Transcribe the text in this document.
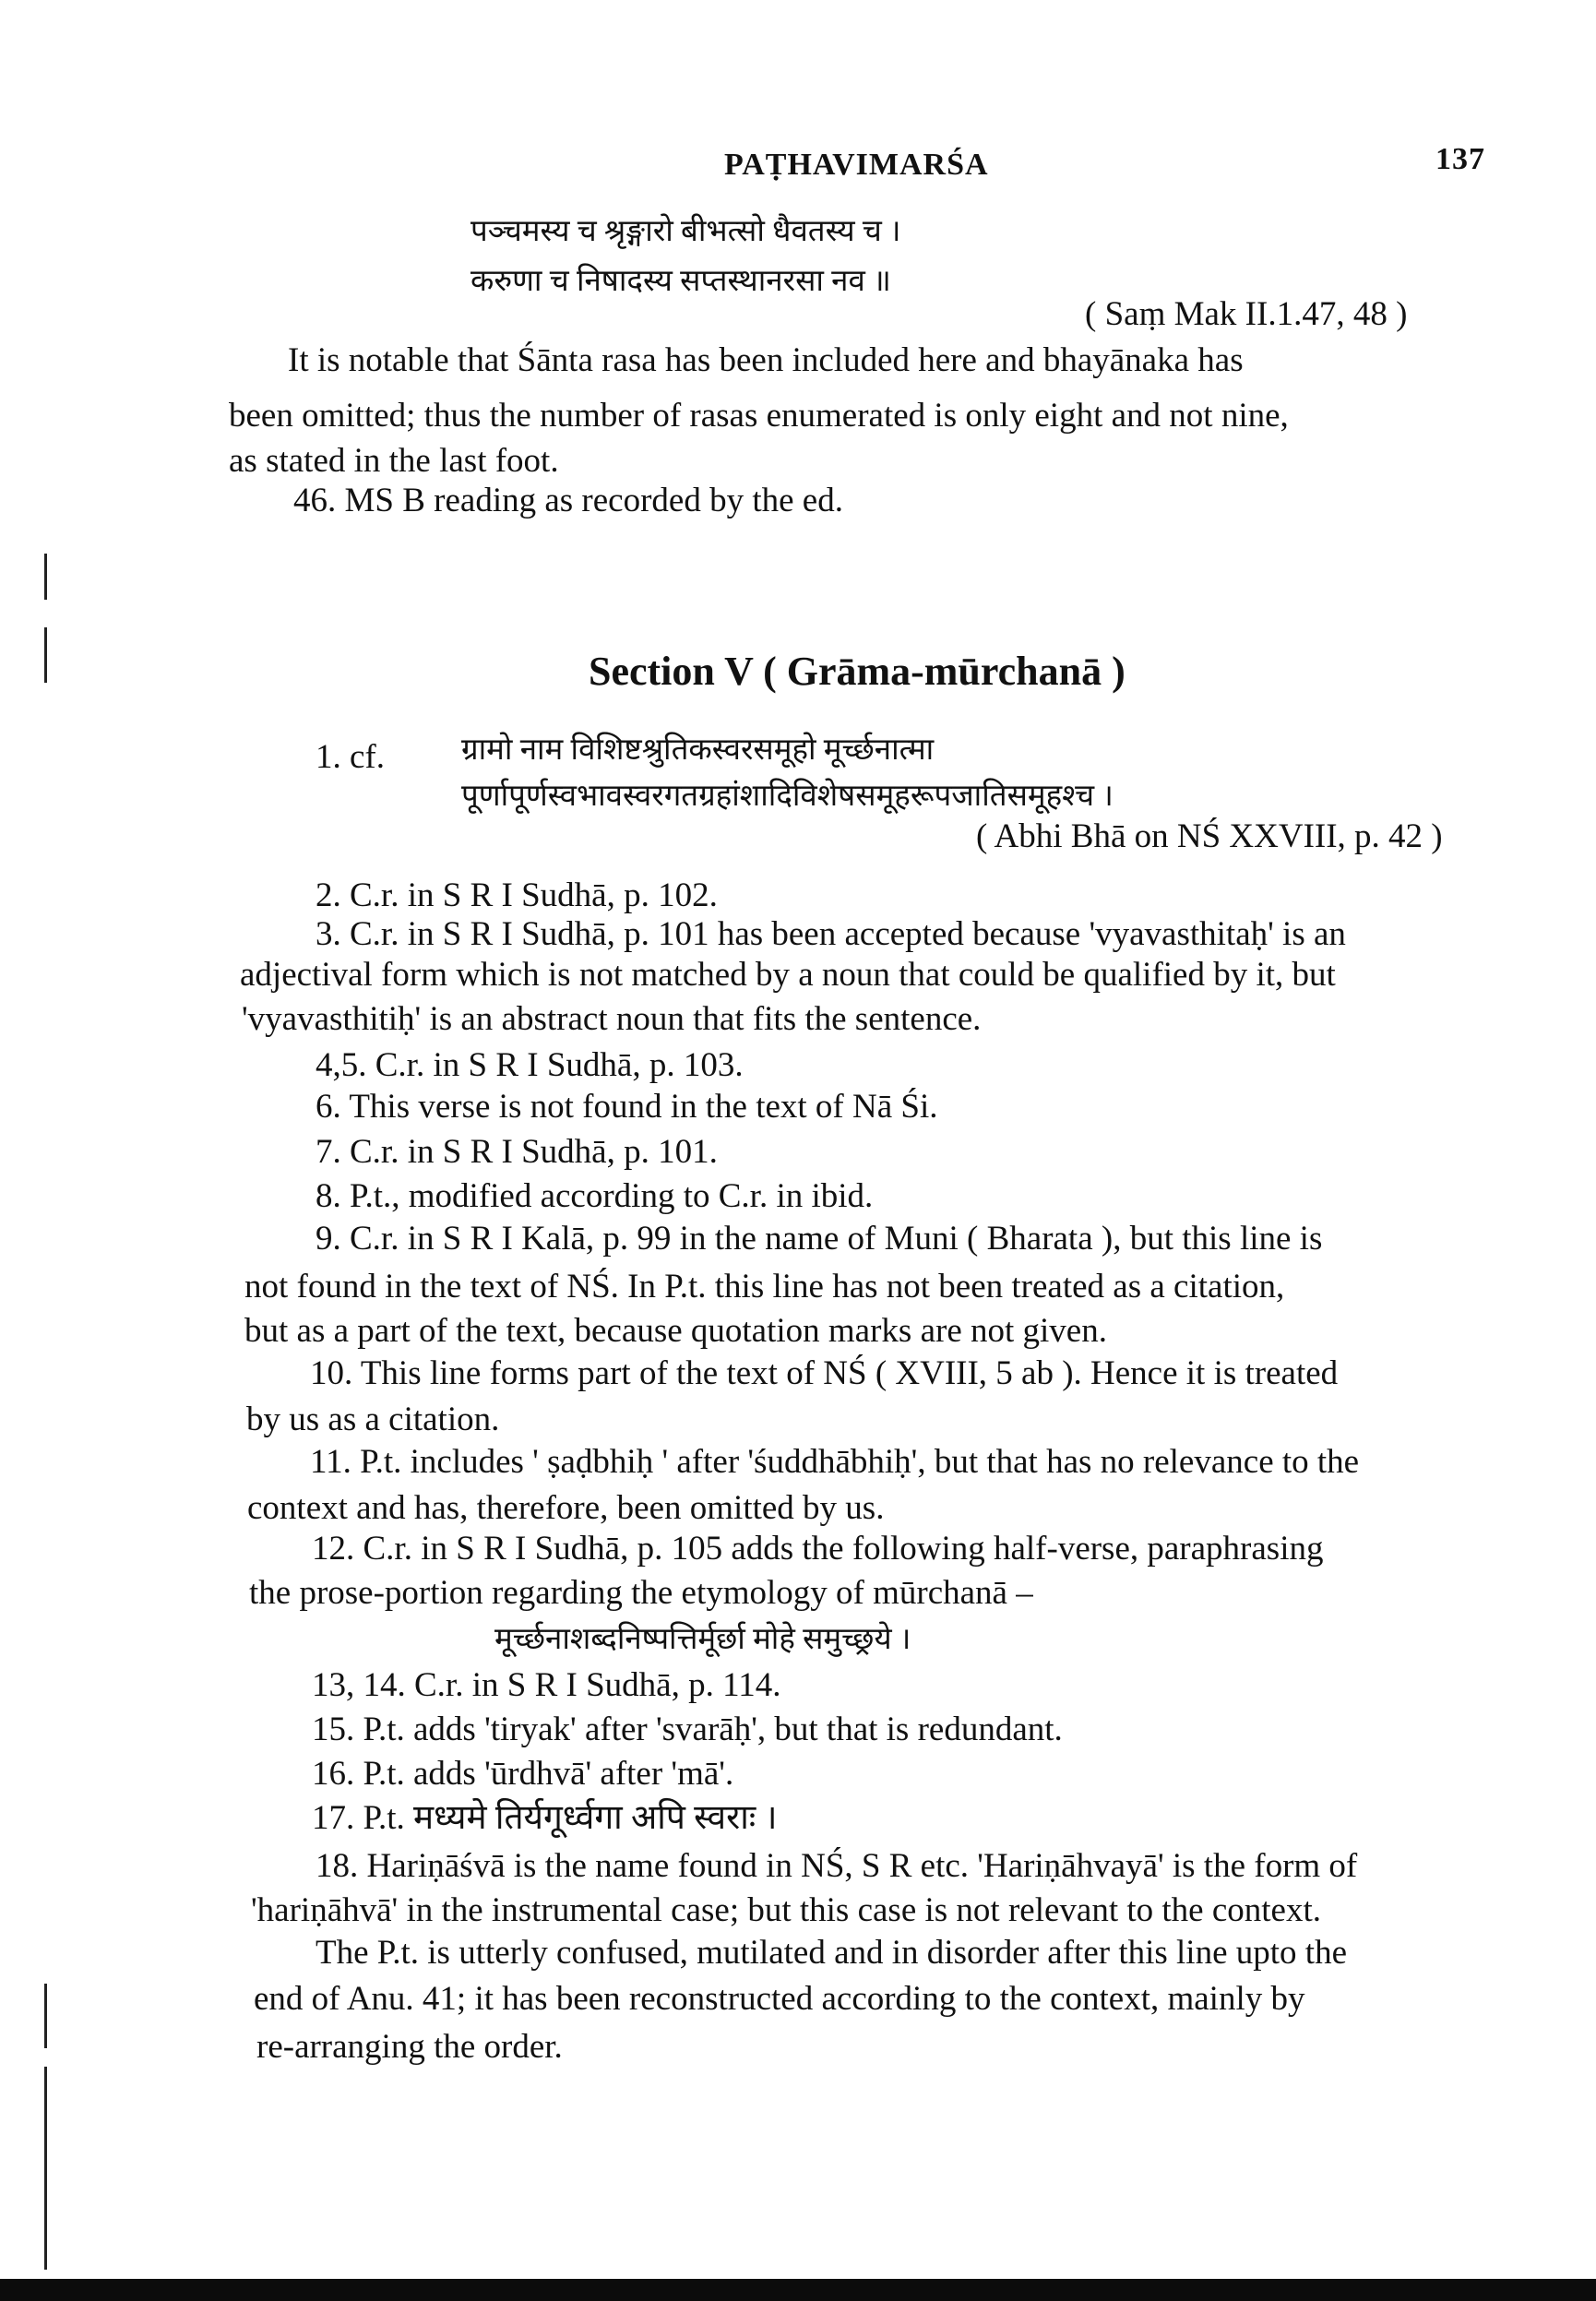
PAṬHAVIMARŚA	137
पञ्चमस्य च श्रृङ्गारो बीभत्सो धैवतस्य च ।
करुणा च निषादस्य सप्तस्थानरसा नव ॥
( Saṃ Mak II.1.47, 48 )
It is notable that Śānta rasa has been included here and bhayānaka has
been omitted; thus the number of rasas enumerated is only eight and not nine,
as stated in the last foot.
46. MS B reading as recorded by the ed.
Section V ( Grāma-mūrchanā )
1. cf.	ग्रामो नाम विशिष्टश्रुतिकस्वरसमूहो मूर्च्छनात्मा
पूर्णापूर्णस्वभावस्वरगतग्रहांशादिविशेषसमूहरूपजातिसमूहश्च ।
( Abhi Bhā on NŚ XXVIII, p. 42 )
2. C.r. in S R I Sudhā, p. 102.
3. C.r. in S R I Sudhā, p. 101 has been accepted because 'vyavasthitaḥ' is an
adjectival form which is not matched by a noun that could be qualified by it, but
'vyavasthitiḥ' is an abstract noun that fits the sentence.
4,5. C.r. in S R I Sudhā, p. 103.
6. This verse is not found in the text of Nā Śi.
7. C.r. in S R I Sudhā, p. 101.
8. P.t., modified according to C.r. in ibid.
9. C.r. in S R I Kalā, p. 99 in the name of Muni ( Bharata ), but this line is
not found in the text of NŚ. In P.t. this line has not been treated as a citation,
but as a part of the text, because quotation marks are not given.
10. This line forms part of the text of NŚ ( XVIII, 5 ab ). Hence it is treated
by us as a citation.
11. P.t. includes ' ṣaḍbhiḥ ' after 'śuddhābhiḥ', but that has no relevance to the
context and has, therefore, been omitted by us.
12. C.r. in S R I Sudhā, p. 105 adds the following half-verse, paraphrasing
the prose-portion regarding the etymology of mūrchanā –
मूर्च्छनाशब्दनिष्पत्तिर्मूर्छा मोहे समुच्छ्रये ।
13, 14. C.r. in S R I Sudhā, p. 114.
15. P.t. adds 'tiryak' after 'svarāḥ', but that is redundant.
16. P.t. adds 'ūrdhvā' after 'mā'.
17. P.t. मध्यमे तिर्यगूर्ध्वगा अपि स्वराः ।
18. Hariṇāśvā is the name found in NŚ, S R etc. 'Hariṇāhvayā' is the form of
'hariṇāhvā' in the instrumental case; but this case is not relevant to the context.
The P.t. is utterly confused, mutilated and in disorder after this line upto the
end of Anu. 41; it has been reconstructed according to the context, mainly by
re-arranging the order.
